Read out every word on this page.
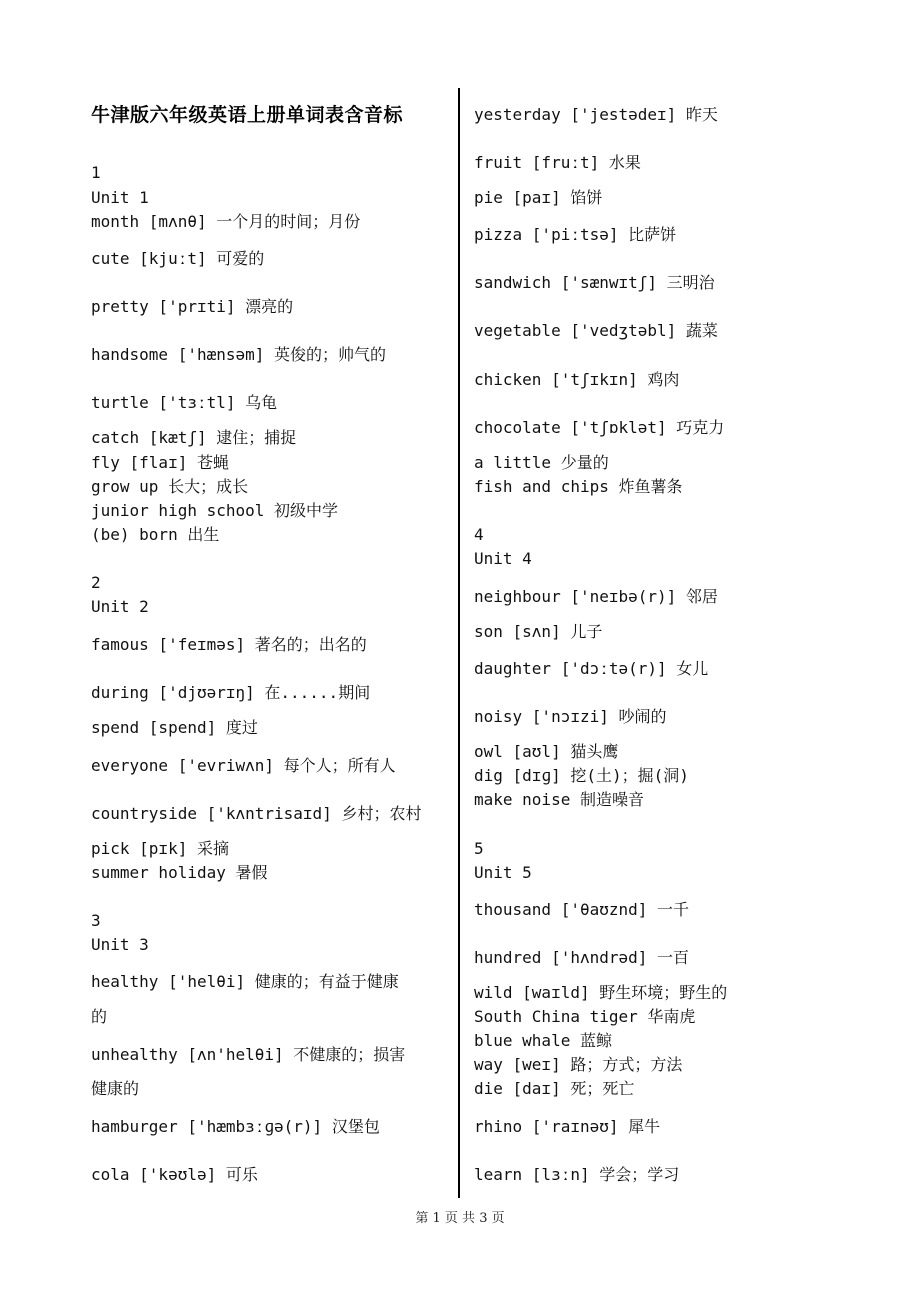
牛津版六年级英语上册单词表含音标
1
Unit 1
month [mʌnθ] 一个月的时间；月份
cute [kjuːt] 可爱的
pretty ['prɪti] 漂亮的
handsome ['hænsəm] 英俊的；帅气的
turtle ['tɜːtl] 乌龟
catch [kætʃ] 逮住；捕捉
fly [flaɪ] 苍蝇
grow up 长大；成长
junior high school 初级中学
(be) born 出生
2
Unit 2
famous ['feɪməs] 著名的；出名的
during ['djʊərɪŋ] 在......期间
spend [spend] 度过
everyone ['evriwʌn] 每个人；所有人
countryside ['kʌntrisaɪd] 乡村；农村
pick [pɪk] 采摘
summer holiday 暑假
3
Unit 3
healthy ['helθi] 健康的；有益于健康
的
unhealthy [ʌn'helθi] 不健康的；损害
健康的
hamburger ['hæmbɜːɡə(r)] 汉堡包
cola ['kəʊlə] 可乐
yesterday ['jestədeɪ] 昨天
fruit [fruːt] 水果
pie [paɪ] 馅饼
pizza ['piːtsə] 比萨饼
sandwich ['sænwɪtʃ] 三明治
vegetable ['vedʒtəbl] 蔬菜
chicken ['tʃɪkɪn] 鸡肉
chocolate ['tʃɒklət] 巧克力
a little 少量的
fish and chips 炸鱼薯条
4
Unit 4
neighbour ['neɪbə(r)] 邻居
son [sʌn] 儿子
daughter ['dɔːtə(r)] 女儿
noisy ['nɔɪzi] 吵闹的
owl [aʊl] 猫头鹰
dig [dɪɡ] 挖(土)；掘(洞)
make noise 制造噪音
5
Unit 5
thousand ['θaʊznd] 一千
hundred ['hʌndrəd] 一百
wild [waɪld] 野生环境；野生的
South China tiger 华南虎
blue whale 蓝鲸
way [weɪ] 路；方式；方法
die [daɪ] 死；死亡
rhino ['raɪnəʊ] 犀牛
learn [lɜːn] 学会；学习
第 1 页 共 3 页
